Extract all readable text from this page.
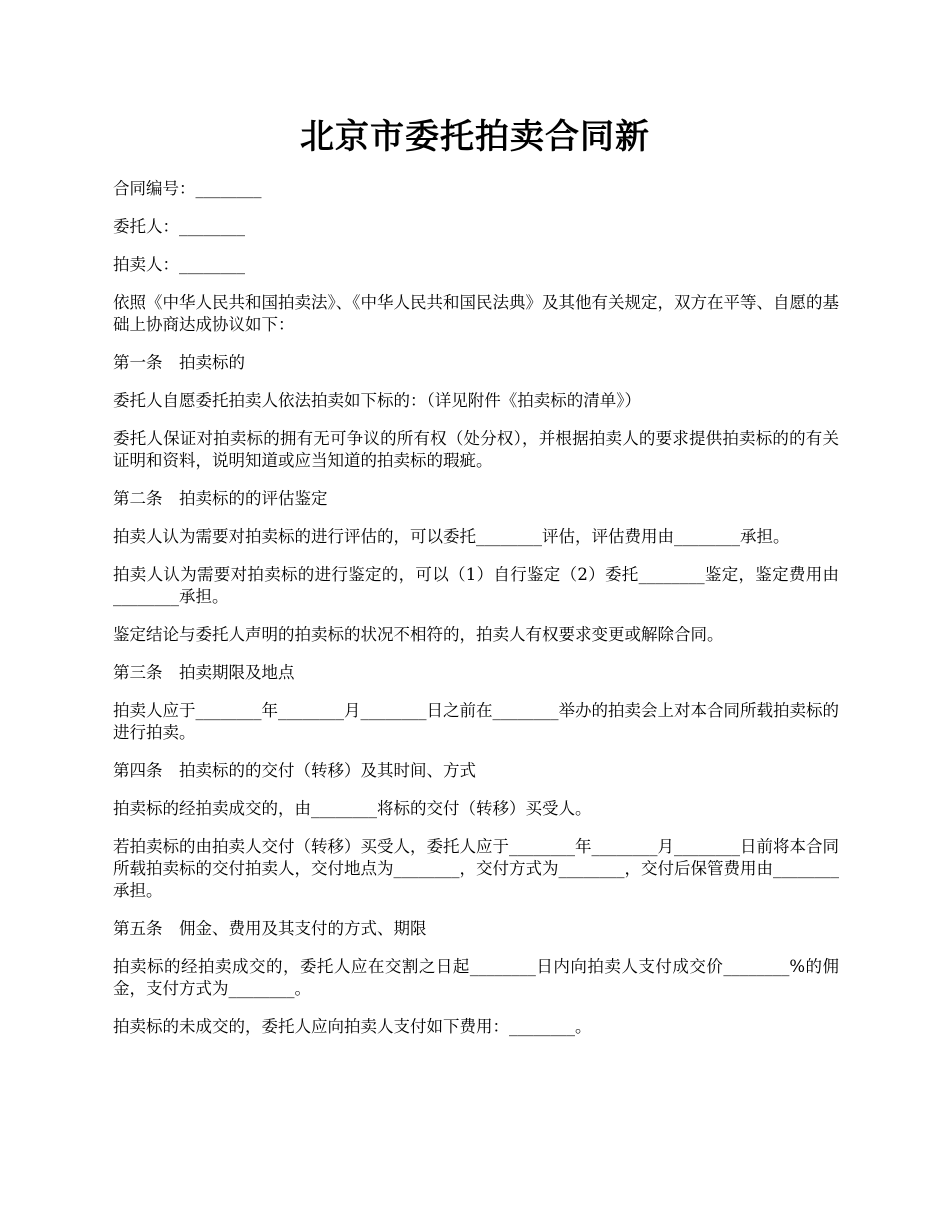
北京市委托拍卖合同新

合同编号：________

委托人：________

拍卖人：________

依照《中华人民共和国拍卖法》、《中华人民共和国民法典》及其他有关规定，双方在平等、自愿的基础上协商达成协议如下：

第一条　拍卖标的

委托人自愿委托拍卖人依法拍卖如下标的：（详见附件《拍卖标的清单》）

委托人保证对拍卖标的拥有无可争议的所有权（处分权），并根据拍卖人的要求提供拍卖标的的有关证明和资料，说明知道或应当知道的拍卖标的瑕疵。

第二条　拍卖标的的评估鉴定

拍卖人认为需要对拍卖标的进行评估的，可以委托________评估，评估费用由________承担。

拍卖人认为需要对拍卖标的进行鉴定的，可以（1）自行鉴定（2）委托________鉴定，鉴定费用由________承担。

鉴定结论与委托人声明的拍卖标的状况不相符的，拍卖人有权要求变更或解除合同。

第三条　拍卖期限及地点

拍卖人应于________年________月________日之前在________举办的拍卖会上对本合同所载拍卖标的进行拍卖。

第四条　拍卖标的的交付（转移）及其时间、方式

拍卖标的经拍卖成交的，由________将标的交付（转移）买受人。

若拍卖标的由拍卖人交付（转移）买受人，委托人应于________年________月________日前将本合同所载拍卖标的交付拍卖人，交付地点为________，交付方式为________，交付后保管费用由________承担。

第五条　佣金、费用及其支付的方式、期限

拍卖标的经拍卖成交的，委托人应在交割之日起________日内向拍卖人支付成交价________%的佣金，支付方式为________。

拍卖标的未成交的，委托人应向拍卖人支付如下费用：________。
